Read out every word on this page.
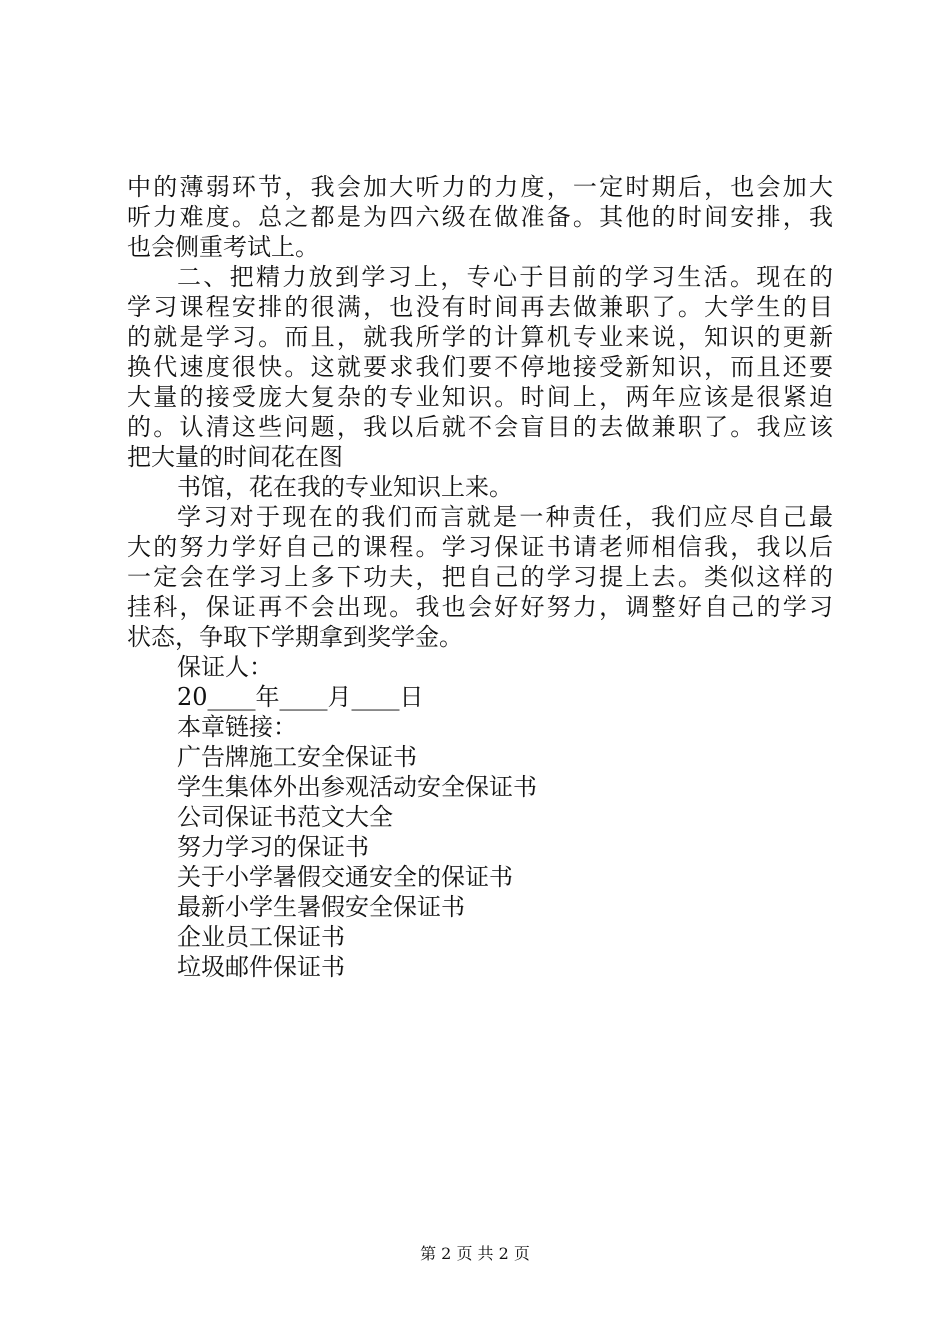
中的薄弱环节，我会加大听力的力度，一定时期后，也会加大
听力难度。总之都是为四六级在做准备。其他的时间安排，我
也会侧重考试上。

二、把精力放到学习上，专心于目前的学习生活。现在的
学习课程安排的很满，也没有时间再去做兼职了。大学生的目
的就是学习。而且，就我所学的计算机专业来说，知识的更新
换代速度很快。这就要求我们要不停地接受新知识，而且还要
大量的接受庞大复杂的专业知识。时间上，两年应该是很紧迫
的。认清这些问题，我以后就不会盲目的去做兼职了。我应该
把大量的时间花在图

书馆，花在我的专业知识上来。

学习对于现在的我们而言就是一种责任，我们应尽自己最
大的努力学好自己的课程。学习保证书请老师相信我，我以后
一定会在学习上多下功夫，把自己的学习提上去。类似这样的
挂科，保证再不会出现。我也会好好努力，调整好自己的学习
状态，争取下学期拿到奖学金。

保证人：
20____年____月____日

本章链接：

广告牌施工安全保证书
学生集体外出参观活动安全保证书
公司保证书范文大全
努力学习的保证书
关于小学暑假交通安全的保证书
最新小学生暑假安全保证书
企业员工保证书
垃圾邮件保证书
第 2 页 共 2 页
